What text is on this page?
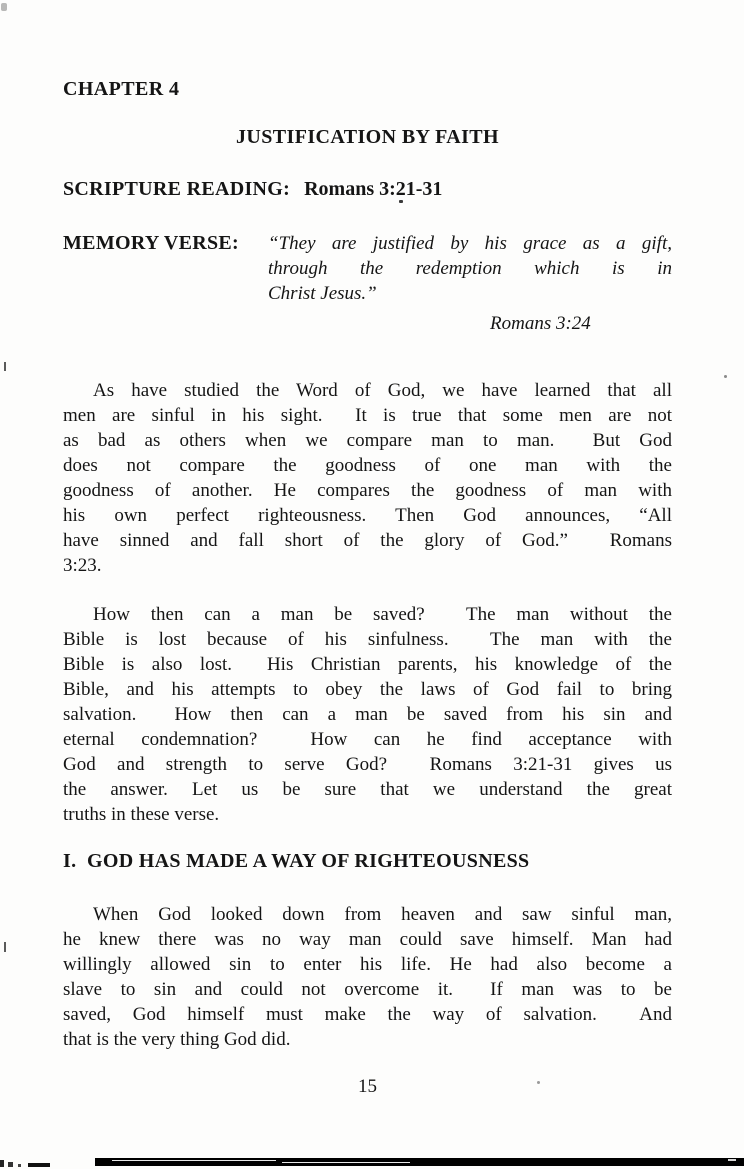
CHAPTER 4
JUSTIFICATION BY FAITH
SCRIPTURE READING: Romans 3:21-31
MEMORY VERSE:	“They are justified by his grace as a gift,
through the redemption which is in
Christ Jesus.”
Romans 3:24
As have studied the Word of God, we have learned that all
men are sinful in his sight.  It is true that some men are not
as bad as others when we compare man to man.  But God
does not compare the goodness of one man with the
goodness of another. He compares the goodness of man with
his own perfect righteousness. Then God announces, “All
have sinned and fall short of the glory of God.”  Romans
3:23.
How then can a man be saved?  The man without the
Bible is lost because of his sinfulness.  The man with the
Bible is also lost.  His Christian parents, his knowledge of the
Bible, and his attempts to obey the laws of God fail to bring
salvation.  How then can a man be saved from his sin and
eternal condemnation?  How can he find acceptance with
God and strength to serve God?  Romans 3:21-31 gives us
the answer. Let us be sure that we understand the great
truths in these verse.
I.  GOD HAS MADE A WAY OF RIGHTEOUSNESS
When God looked down from heaven and saw sinful man,
he knew there was no way man could save himself. Man had
willingly allowed sin to enter his life. He had also become a
slave to sin and could not overcome it.  If man was to be
saved, God himself must make the way of salvation.  And
that is the very thing God did.
15
